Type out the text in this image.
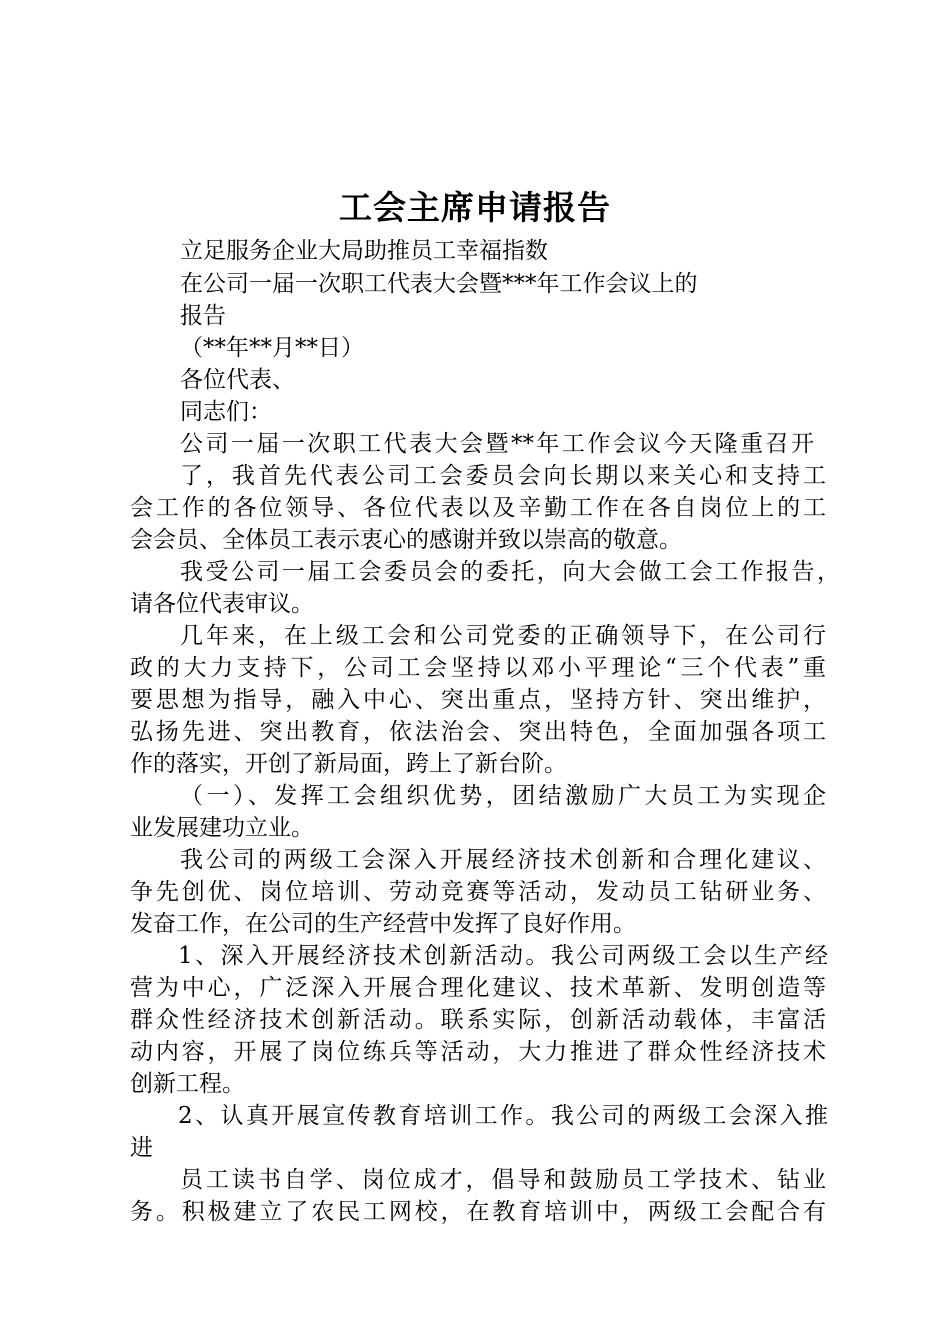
工会主席申请报告
立足服务企业大局助推员工幸福指数
在公司一届一次职工代表大会暨***年工作会议上的
报告
（**年**月**日）
各位代表、
同志们：
公司一届一次职工代表大会暨**年工作会议今天隆重召开
了，我首先代表公司工会委员会向长期以来关心和支持工
会工作的各位领导、各位代表以及辛勤工作在各自岗位上的工
会会员、全体员工表示衷心的感谢并致以崇高的敬意。
我受公司一届工会委员会的委托，向大会做工会工作报告，
请各位代表审议。
几年来，在上级工会和公司党委的正确领导下，在公司行
政的大力支持下，公司工会坚持以邓小平理论“三个代表”重
要思想为指导，融入中心、突出重点，坚持方针、突出维护，
弘扬先进、突出教育，依法治会、突出特色，全面加强各项工
作的落实，开创了新局面，跨上了新台阶。
（一）、发挥工会组织优势，团结激励广大员工为实现企
业发展建功立业。
我公司的两级工会深入开展经济技术创新和合理化建议、
争先创优、岗位培训、劳动竞赛等活动，发动员工钻研业务、
发奋工作，在公司的生产经营中发挥了良好作用。
1、深入开展经济技术创新活动。我公司两级工会以生产经
营为中心，广泛深入开展合理化建议、技术革新、发明创造等
群众性经济技术创新活动。联系实际，创新活动载体，丰富活
动内容，开展了岗位练兵等活动，大力推进了群众性经济技术
创新工程。
2、认真开展宣传教育培训工作。我公司的两级工会深入推
进
员工读书自学、岗位成才，倡导和鼓励员工学技术、钻业
务。积极建立了农民工网校，在教育培训中，两级工会配合有
